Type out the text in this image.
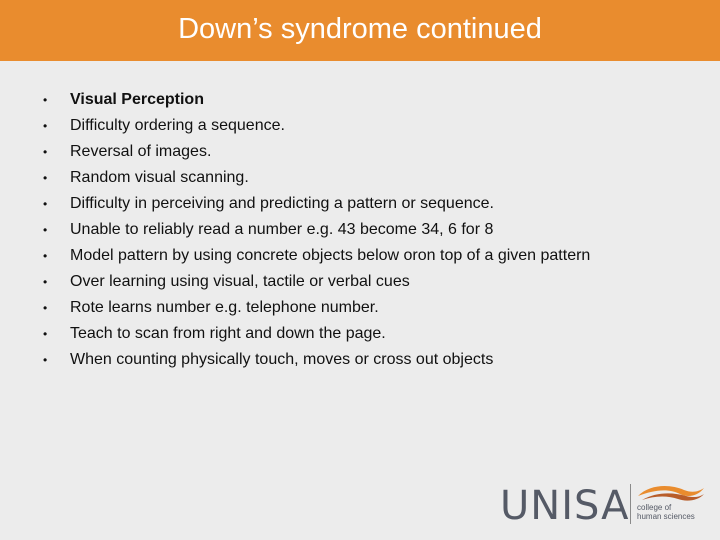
Down’s syndrome continued
•	Visual Perception
•	Difficulty ordering a sequence.
•	Reversal of images.
•	Random visual scanning.
•	Difficulty in perceiving and predicting a pattern or sequence.
•	Unable to reliably read a number e.g. 43 become 34, 6 for 8
•	Model pattern by using concrete objects below oron top of a given pattern
•	Over learning using visual, tactile or verbal cues
•	Rote learns number e.g. telephone number.
•	Teach to scan from right and down the page.
•	When counting physically touch, moves or cross out objects
UNISA college of
human sciences
